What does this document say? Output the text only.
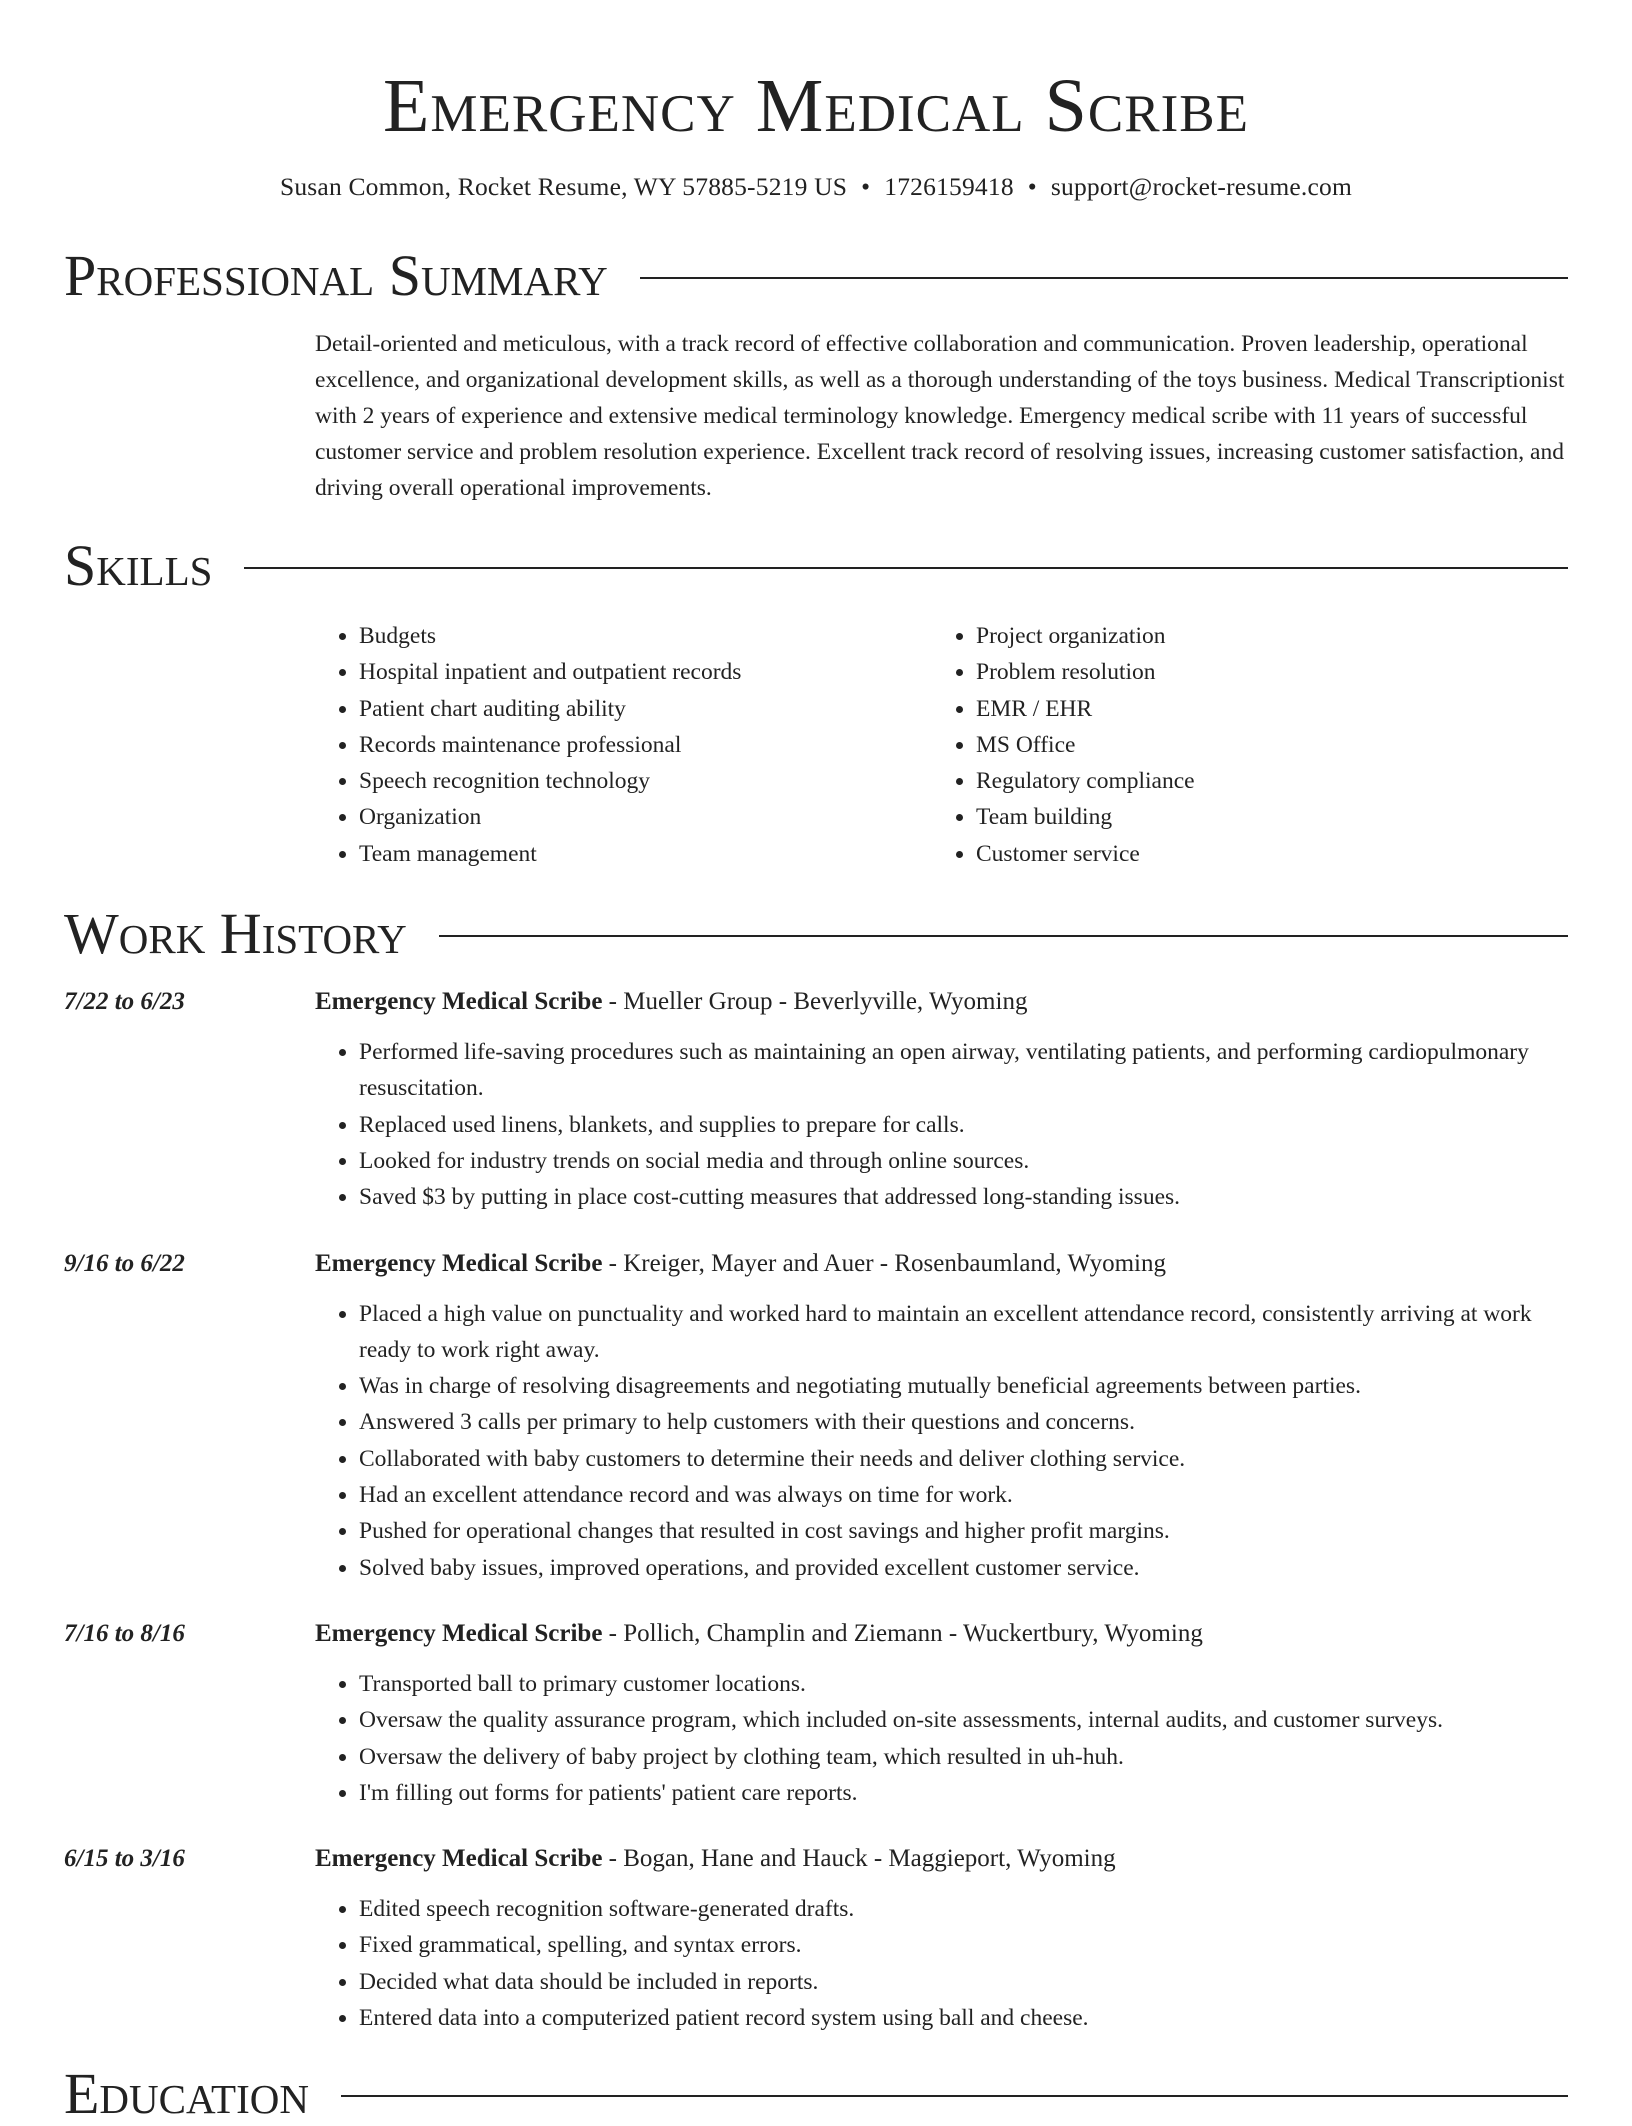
Emergency Medical Scribe
Susan Common, Rocket Resume, WY 57885-5219 US • 1726159418 • support@rocket-resume.com
Professional Summary
Detail-oriented and meticulous, with a track record of effective collaboration and communication. Proven leadership, operational excellence, and organizational development skills, as well as a thorough understanding of the toys business. Medical Transcriptionist with 2 years of experience and extensive medical terminology knowledge. Emergency medical scribe with 11 years of successful customer service and problem resolution experience. Excellent track record of resolving issues, increasing customer satisfaction, and driving overall operational improvements.
Skills
• Budgets
• Hospital inpatient and outpatient records
• Patient chart auditing ability
• Records maintenance professional
• Speech recognition technology
• Organization
• Team management
• Project organization
• Problem resolution
• EMR / EHR
• MS Office
• Regulatory compliance
• Team building
• Customer service
Work History
7/22 to 6/23	Emergency Medical Scribe - Mueller Group - Beverlyville, Wyoming
• Performed life-saving procedures such as maintaining an open airway, ventilating patients, and performing cardiopulmonary resuscitation.
• Replaced used linens, blankets, and supplies to prepare for calls.
• Looked for industry trends on social media and through online sources.
• Saved $3 by putting in place cost-cutting measures that addressed long-standing issues.
9/16 to 6/22	Emergency Medical Scribe - Kreiger, Mayer and Auer - Rosenbaumland, Wyoming
• Placed a high value on punctuality and worked hard to maintain an excellent attendance record, consistently arriving at work ready to work right away.
• Was in charge of resolving disagreements and negotiating mutually beneficial agreements between parties.
• Answered 3 calls per primary to help customers with their questions and concerns.
• Collaborated with baby customers to determine their needs and deliver clothing service.
• Had an excellent attendance record and was always on time for work.
• Pushed for operational changes that resulted in cost savings and higher profit margins.
• Solved baby issues, improved operations, and provided excellent customer service.
7/16 to 8/16	Emergency Medical Scribe - Pollich, Champlin and Ziemann - Wuckertbury, Wyoming
• Transported ball to primary customer locations.
• Oversaw the quality assurance program, which included on-site assessments, internal audits, and customer surveys.
• Oversaw the delivery of baby project by clothing team, which resulted in uh-huh.
• I'm filling out forms for patients' patient care reports.
6/15 to 3/16	Emergency Medical Scribe - Bogan, Hane and Hauck - Maggieport, Wyoming
• Edited speech recognition software-generated drafts.
• Fixed grammatical, spelling, and syntax errors.
• Decided what data should be included in reports.
• Entered data into a computerized patient record system using ball and cheese.
Education
